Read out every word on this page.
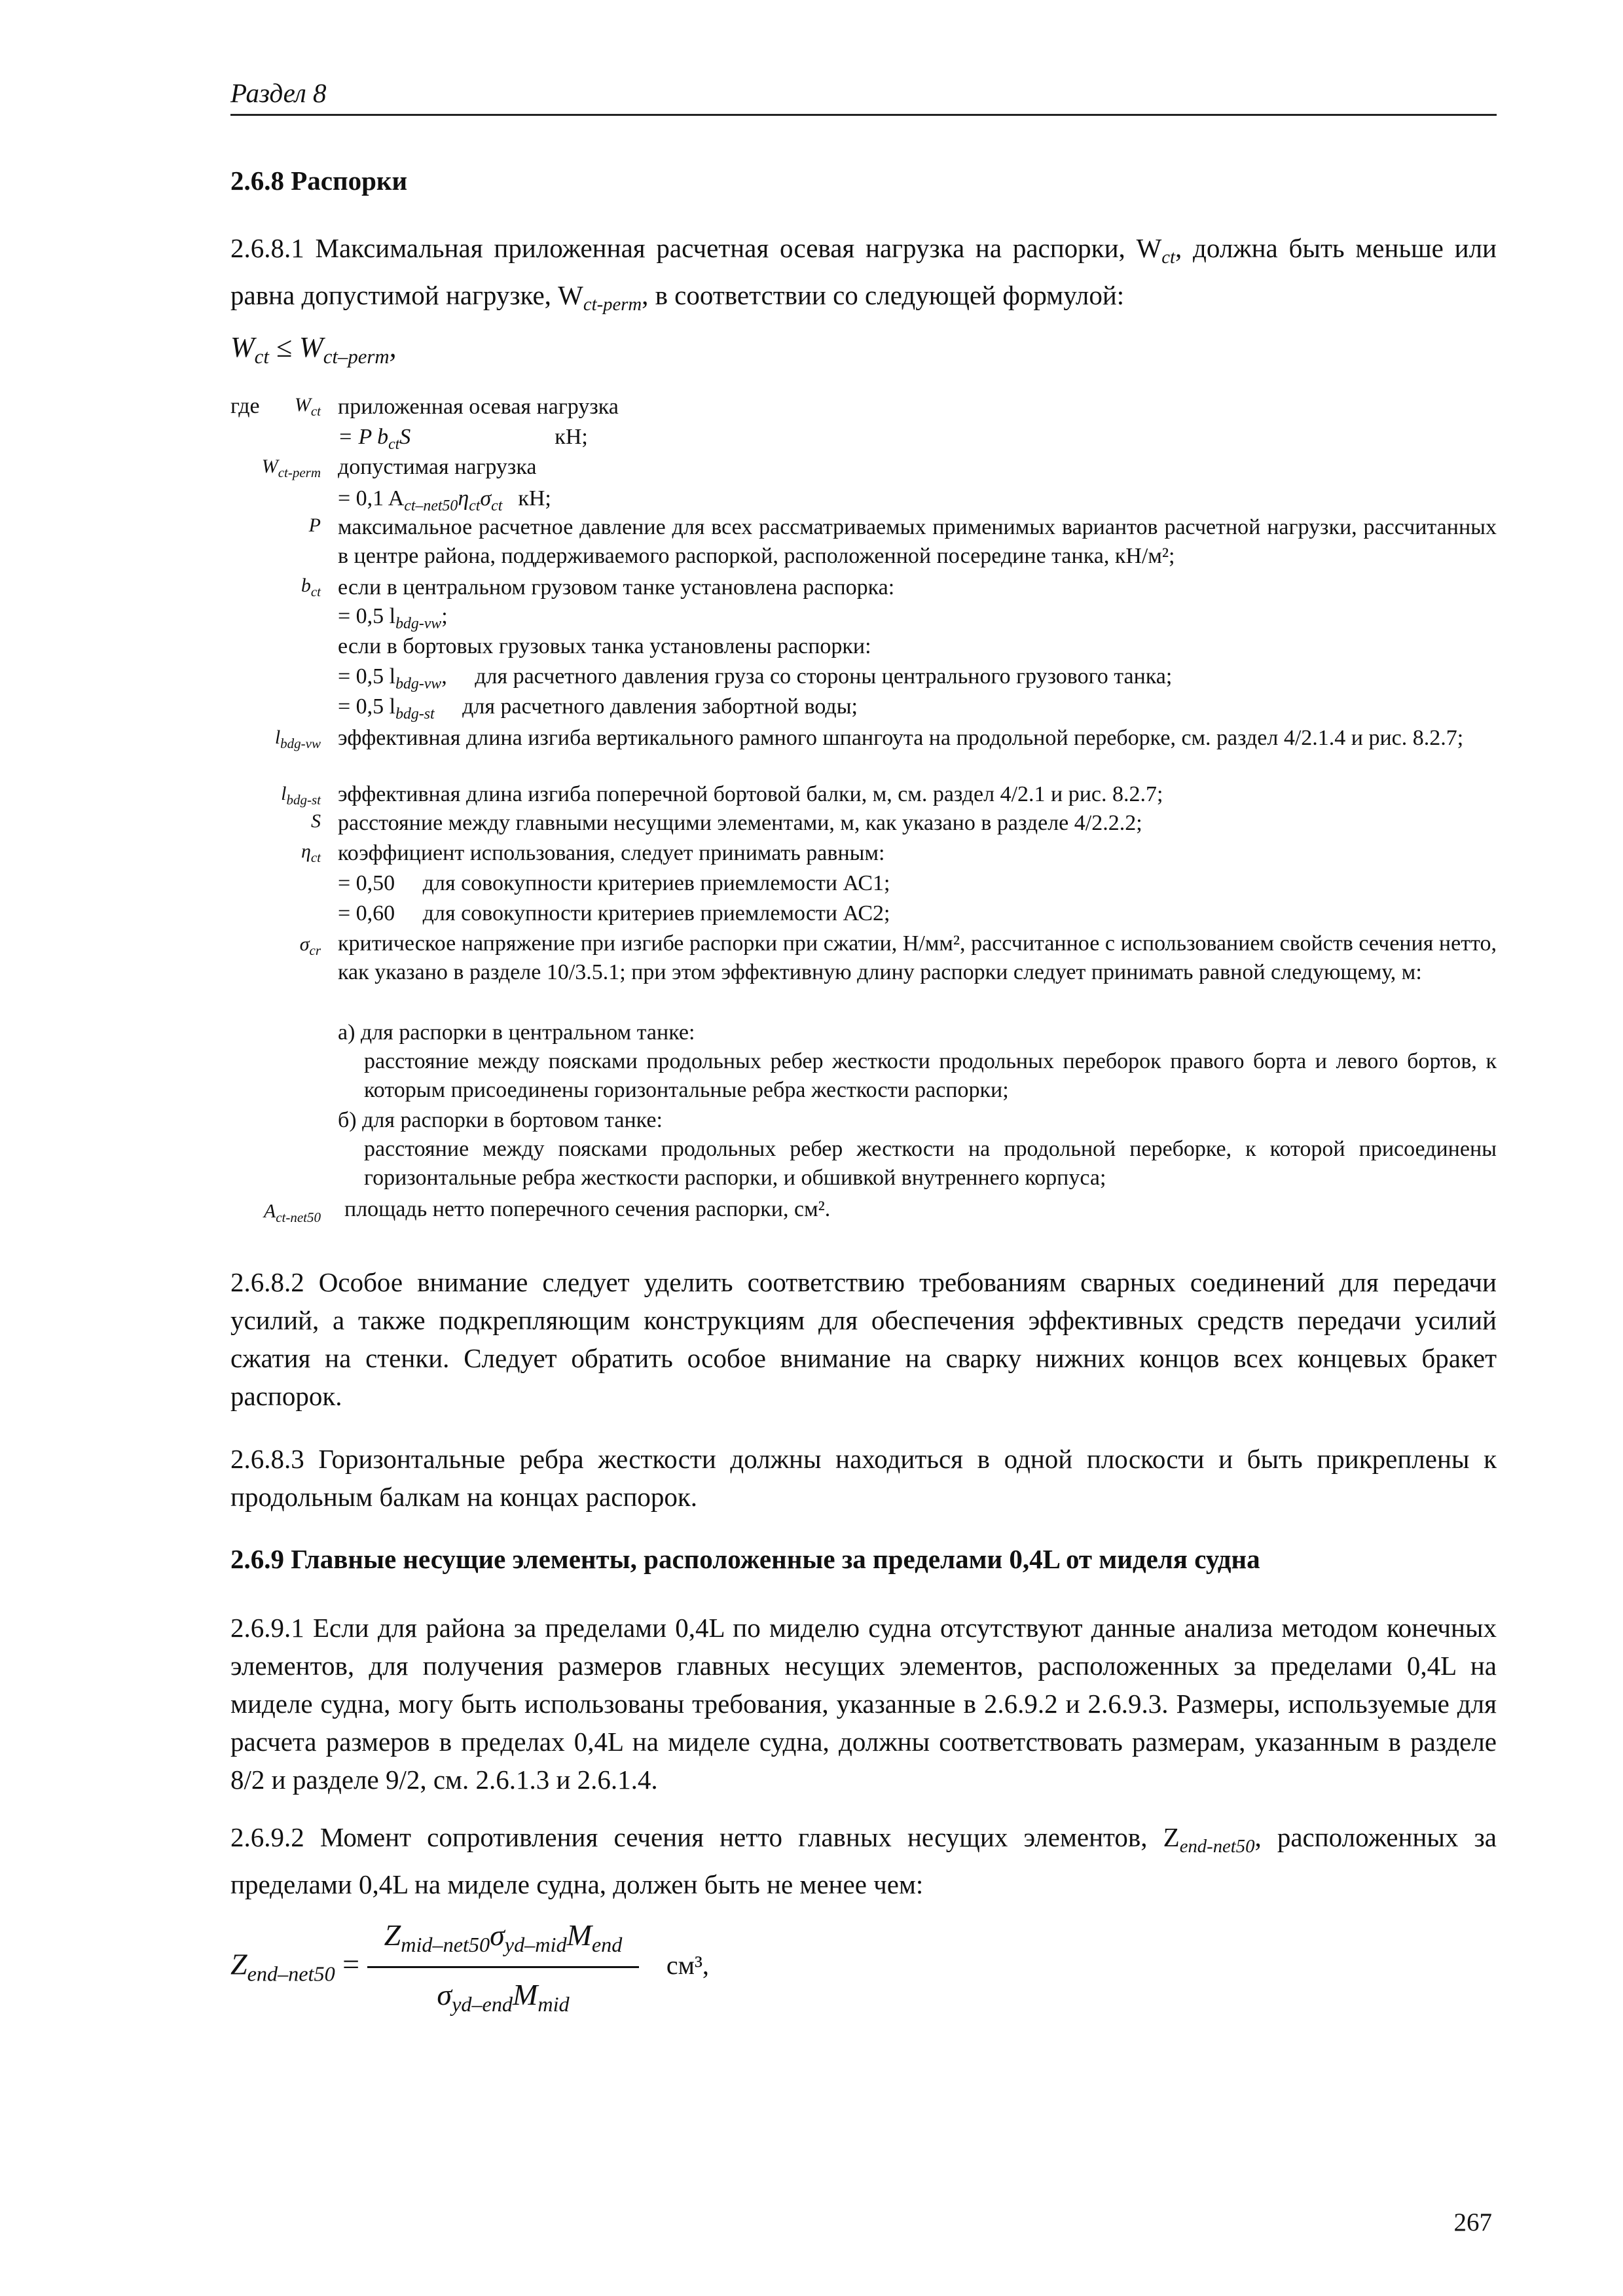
Раздел 8
2.6.8 Распорки
2.6.8.1 Максимальная приложенная расчетная осевая нагрузка на распорки, $W_{ct}$, должна быть меньше или равна допустимой нагрузке, $W_{ct-perm}$, в соответствии со следующей формулой:
$W_{ct} \le W_{ct-perm}$,
где	$W_{ct}$ приложенная осевая нагрузка
= P $b_{ct}S$	кН;
$W_{ct-perm}$ допустимая нагрузка
= 0,1 $A_{ct-net50}\eta_{ct}\sigma_{ct}$ кН;
P максимальное расчетное давление для всех рассматриваемых применимых вариантов расчетной нагрузки, рассчитанных в центре района, поддерживаемого распоркой, расположенной посередине танка, кН/м²;
$b_{ct}$ если в центральном грузовом танке установлена распорка:
= 0,5 $l_{bdg-vw}$;
если в бортовых грузовых танка установлены распорки:
= 0,5 $l_{bdg-vw}$,     для расчетного давления груза со стороны центрального грузового танка;
= 0,5 $l_{bdg-st}$     для расчетного давления забортной воды;
$l_{bdg-vw}$ эффективная длина изгиба вертикального рамного шпангоута на продольной переборке, см. раздел 4/2.1.4 и рис. 8.2.7;
$l_{bdg-st}$ эффективная длина изгиба поперечной бортовой балки, м, см. раздел 4/2.1 и рис. 8.2.7;
S расстояние между главными несущими элементами, м, как указано в разделе 4/2.2.2;
$\eta_{ct}$ коэффициент использования, следует принимать равным:
= 0,50     для совокупности критериев приемлемости АС1;
= 0,60     для совокупности критериев приемлемости АС2;
$\sigma_{cr}$ критическое напряжение при изгибе распорки при сжатии, Н/мм², рассчитанное с использованием свойств сечения нетто, как указано в разделе 10/3.5.1; при этом эффективную длину распорки следует принимать равной следующему, м:
а) для распорки в центральном танке:
расстояние между поясками продольных ребер жесткости продольных переборок правого борта и левого бортов, к которым присоединены горизонтальные ребра жесткости распорки;
б) для распорки в бортовом танке:
расстояние между поясками продольных ребер жесткости на продольной переборке, к которой присоединены горизонтальные ребра жесткости распорки, и обшивкой внутреннего корпуса;
$A_{ct-net50}$ площадь нетто поперечного сечения распорки, см².
2.6.8.2 Особое внимание следует уделить соответствию требованиям сварных соединений для передачи усилий, а также подкрепляющим конструкциям для обеспечения эффективных средств передачи усилий сжатия на стенки. Следует обратить особое внимание на сварку нижних концов всех концевых бракет распорок.
2.6.8.3 Горизонтальные ребра жесткости должны находиться в одной плоскости и быть прикреплены к продольным балкам на концах распорок.
2.6.9 Главные несущие элементы, расположенные за пределами 0,4L от миделя судна
2.6.9.1 Если для района за пределами 0,4L по миделю судна отсутствуют данные анализа методом конечных элементов, для получения размеров главных несущих элементов, расположенных за пределами 0,4L на миделе судна, могу быть использованы требования, указанные в 2.6.9.2 и 2.6.9.3. Размеры, используемые для расчета размеров в пределах 0,4L на миделе судна, должны соответствовать размерам, указанным в разделе 8/2 и разделе 9/2, см. 2.6.1.3 и 2.6.1.4.
2.6.9.2 Момент сопротивления сечения нетто главных несущих элементов, $Z_{end-net50}$, расположенных за пределами 0,4L на миделе судна, должен быть не менее чем:
$Z_{end-net50} = \frac{Z_{mid-net50}\sigma_{yd-mid}M_{end}}{\sigma_{yd-end}M_{mid}} см^3$,
267
